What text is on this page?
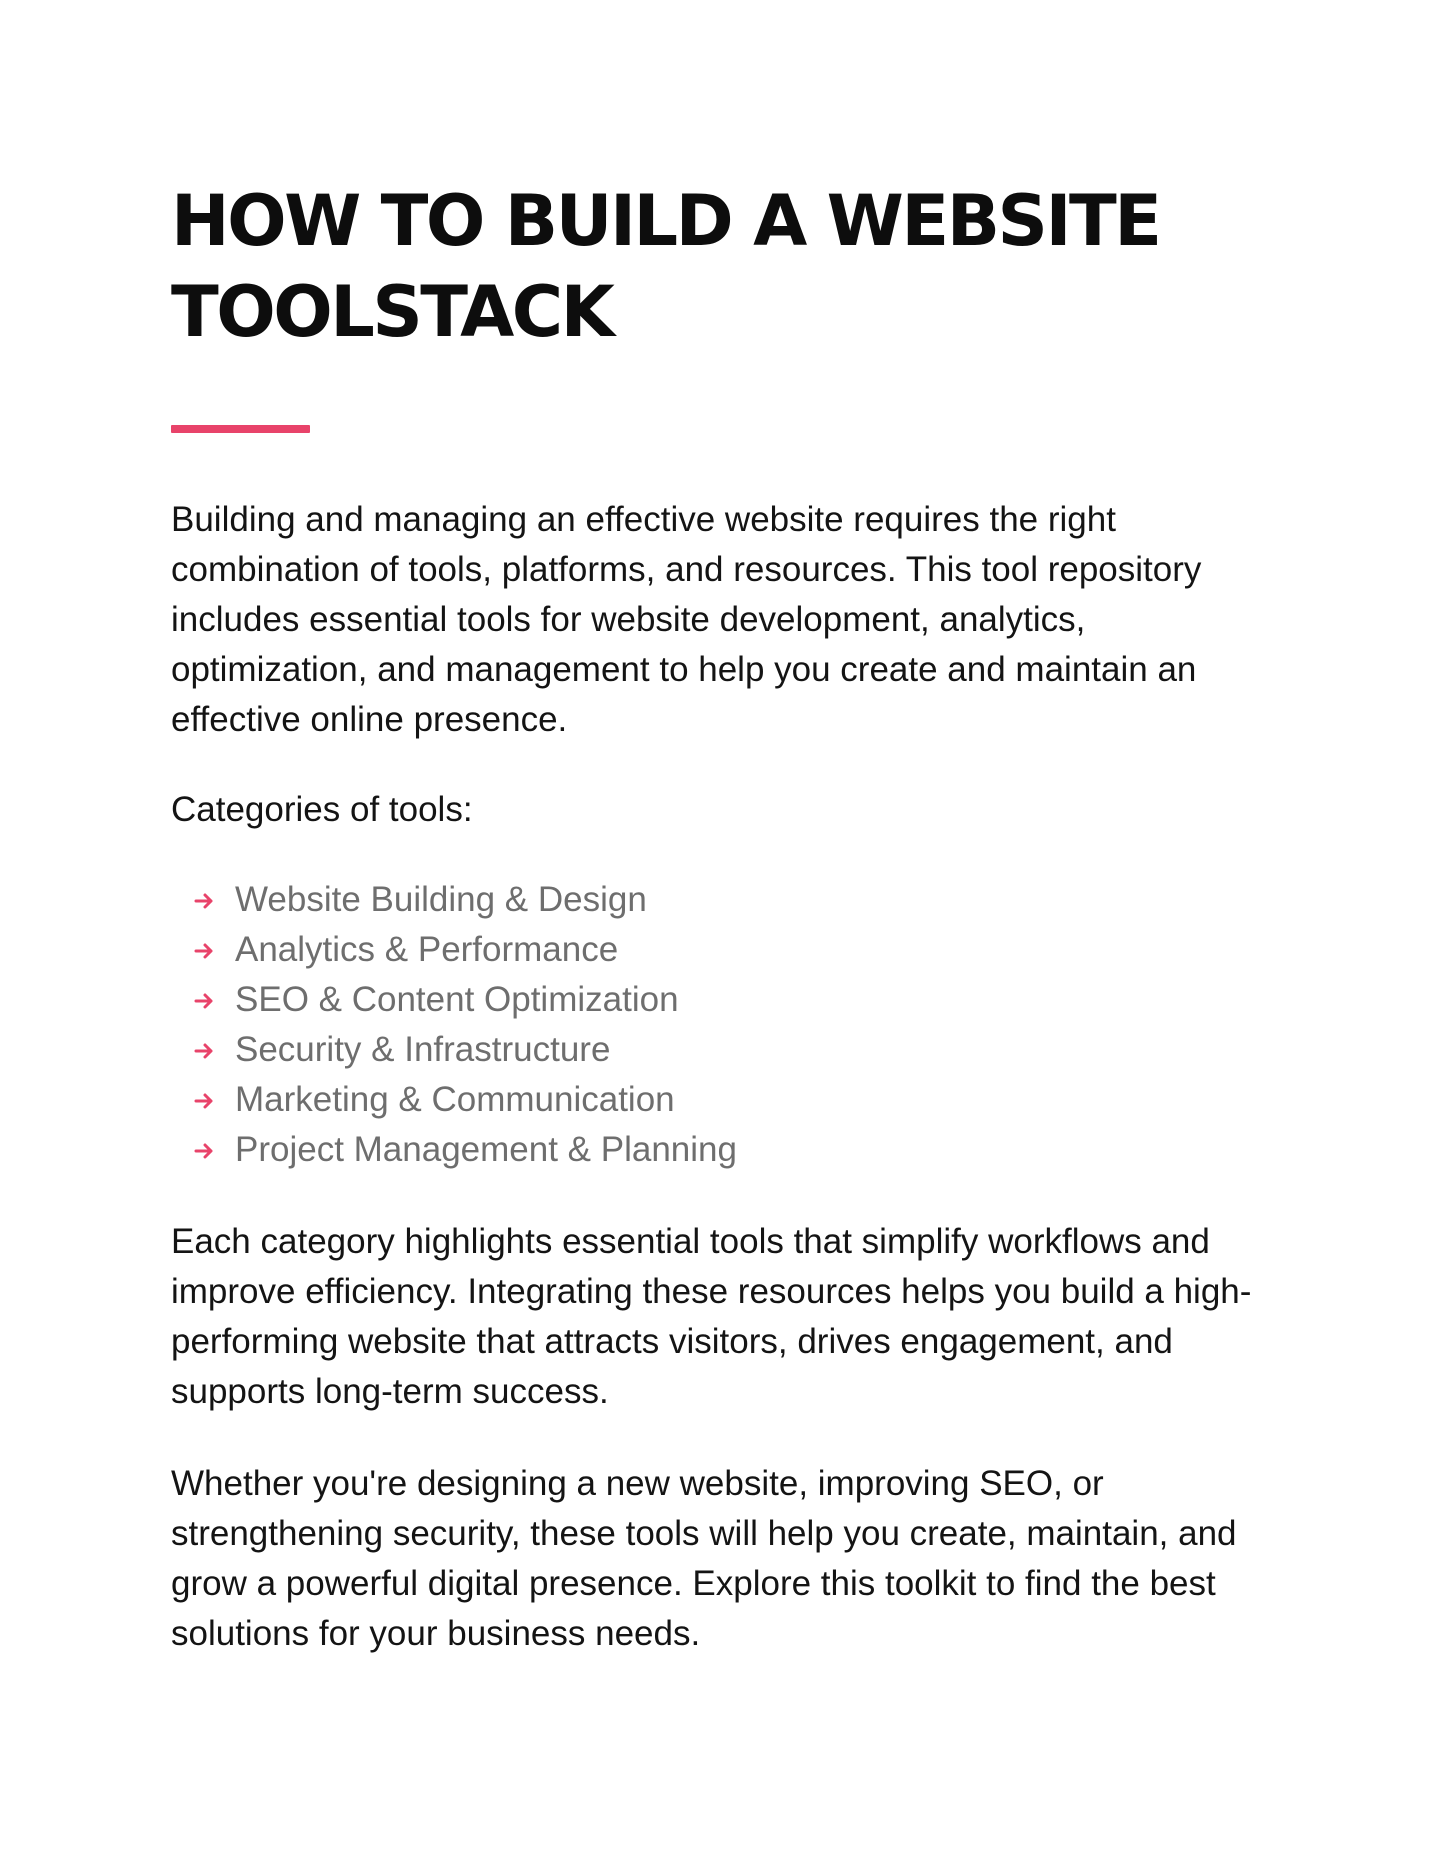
HOW TO BUILD A WEBSITE
TOOLSTACK

Building and managing an effective website requires the right combination of tools, platforms, and resources. This tool repository includes essential tools for website development, analytics, optimization, and management to help you create and maintain an effective online presence.

Categories of tools:

Website Building & Design
Analytics & Performance
SEO & Content Optimization
Security & Infrastructure
Marketing & Communication
Project Management & Planning

Each category highlights essential tools that simplify workflows and improve efficiency. Integrating these resources helps you build a high-performing website that attracts visitors, drives engagement, and supports long-term success.

Whether you're designing a new website, improving SEO, or strengthening security, these tools will help you create, maintain, and grow a powerful digital presence. Explore this toolkit to find the best solutions for your business needs.
